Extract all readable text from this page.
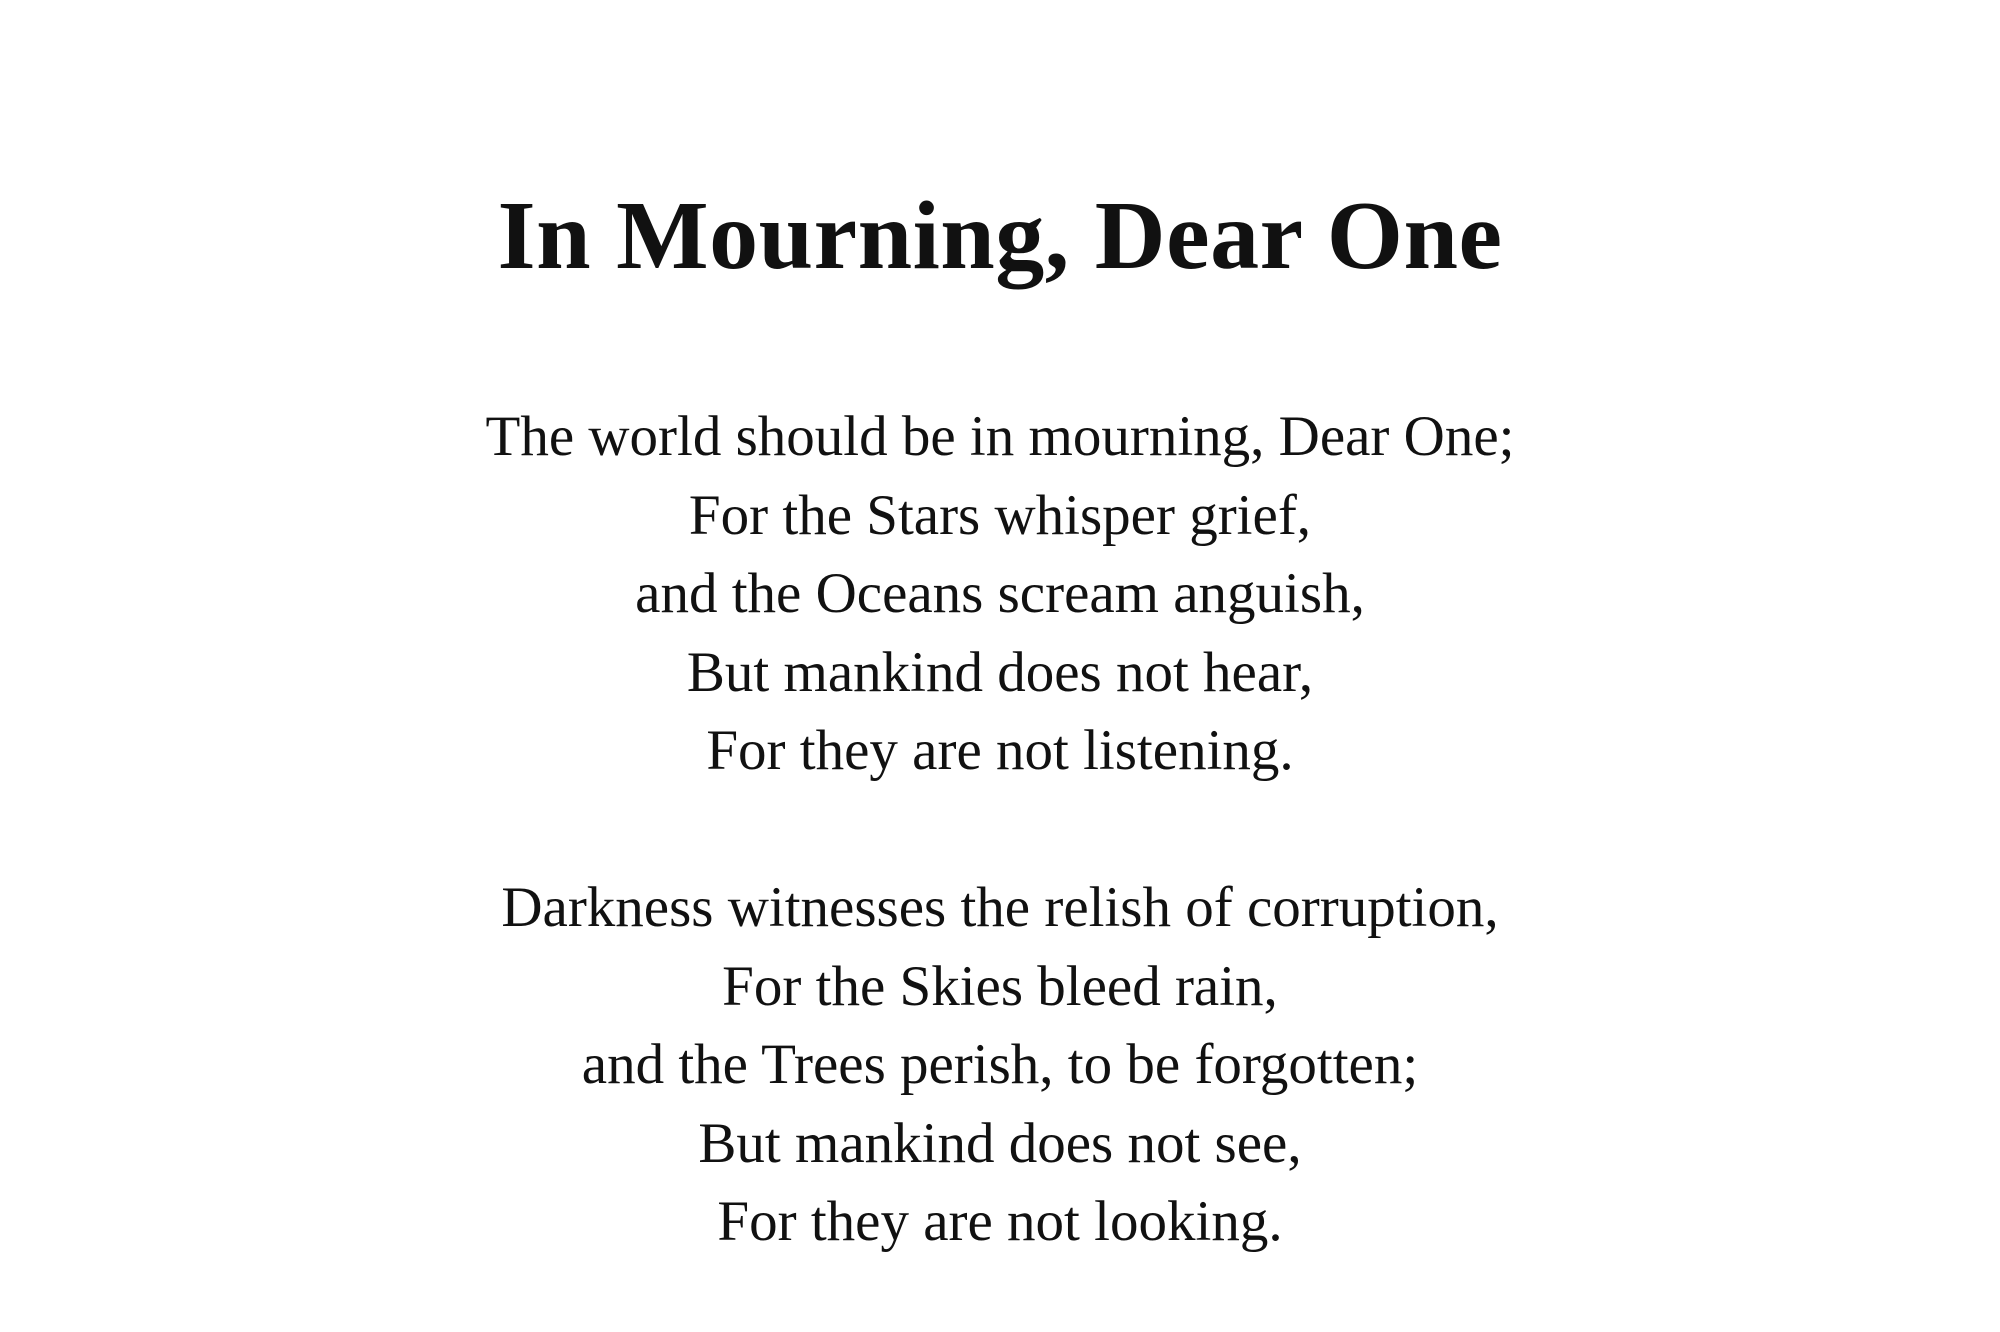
In Mourning, Dear One
The world should be in mourning, Dear One;
For the Stars whisper grief,
and the Oceans scream anguish,
But mankind does not hear,
For they are not listening.
Darkness witnesses the relish of corruption,
For the Skies bleed rain,
and the Trees perish, to be forgotten;
But mankind does not see,
For they are not looking.
